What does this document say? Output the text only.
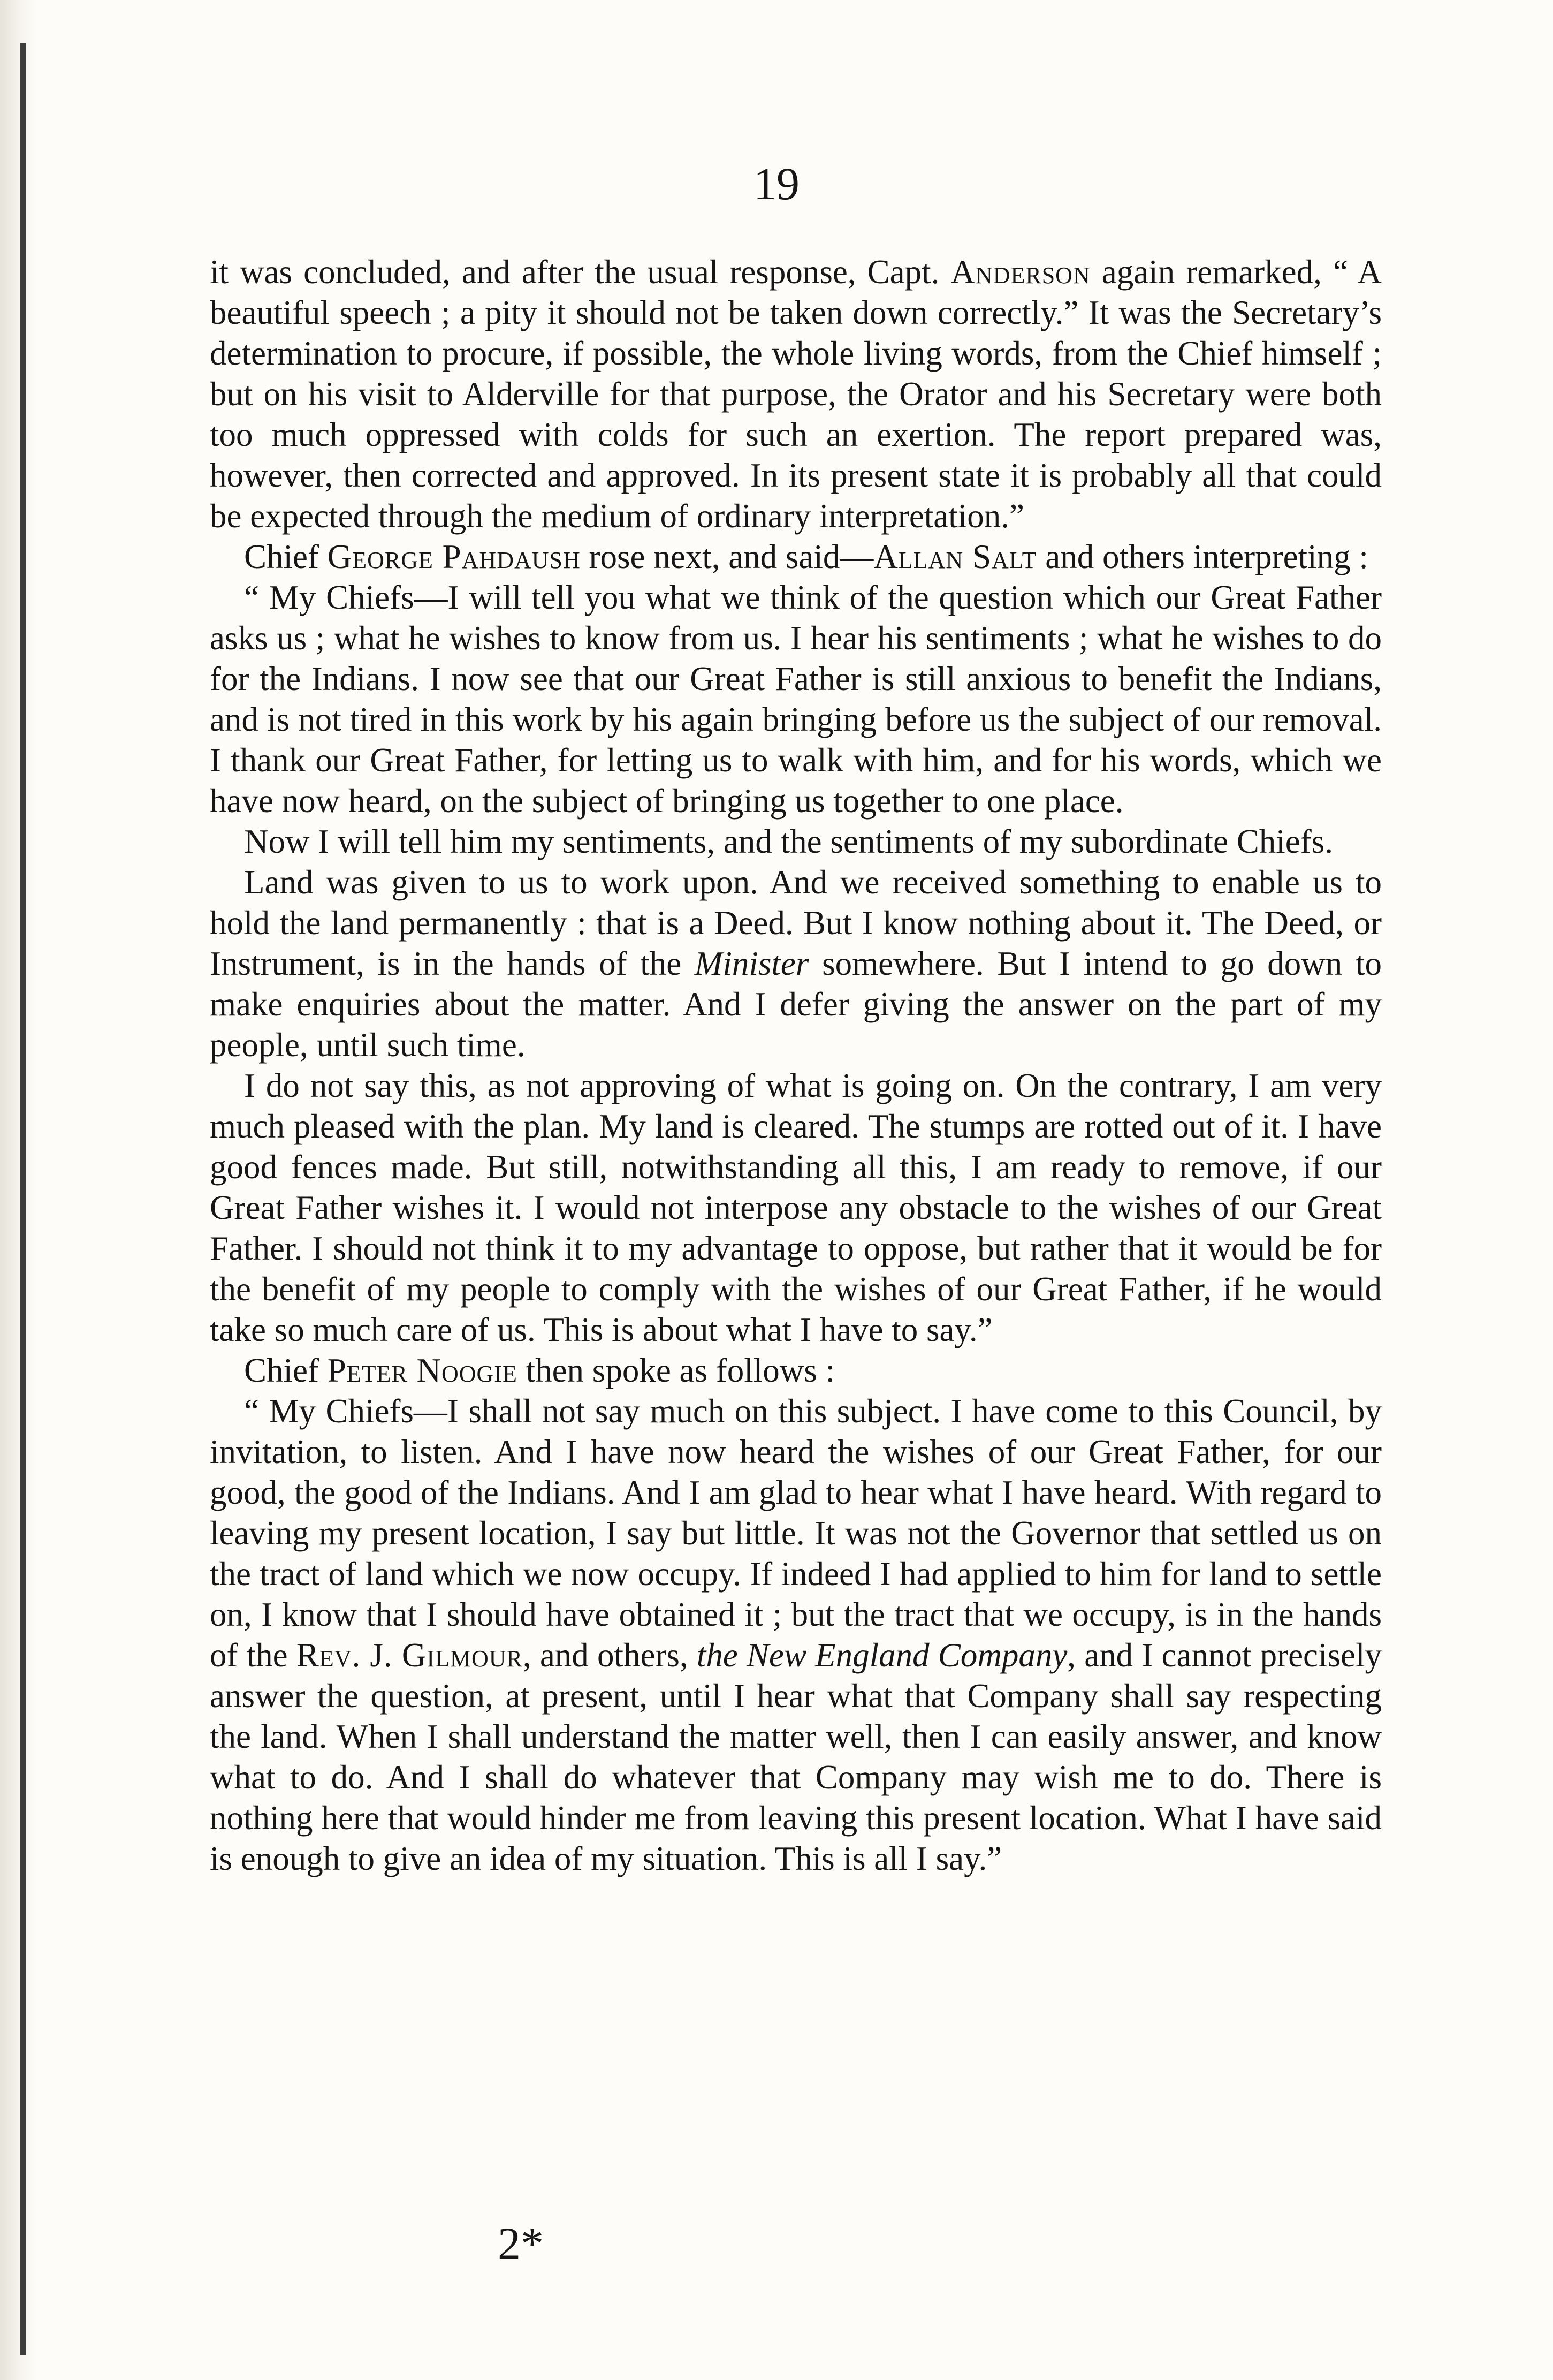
19

it was concluded, and after the usual response, Capt. Anderson again remarked, “ A beautiful speech ; a pity it should not be taken down correctly.” It was the Secretary’s determination to procure, if possible, the whole living words, from the Chief himself ; but on his visit to Alderville for that purpose, the Orator and his Secretary were both too much oppressed with colds for such an exertion. The report prepared was, however, then corrected and approved. In its present state it is probably all that could be expected through the medium of ordinary interpretation.”

Chief George Pahdaush rose next, and said—Allan Salt and others interpreting :

“ My Chiefs—I will tell you what we think of the question which our Great Father asks us ; what he wishes to know from us. I hear his sentiments ; what he wishes to do for the Indians. I now see that our Great Father is still anxious to benefit the Indians, and is not tired in this work by his again bringing before us the subject of our removal. I thank our Great Father, for letting us to walk with him, and for his words, which we have now heard, on the subject of bringing us together to one place.

Now I will tell him my sentiments, and the sentiments of my subordinate Chiefs.

Land was given to us to work upon. And we received something to enable us to hold the land permanently : that is a Deed. But I know nothing about it. The Deed, or Instrument, is in the hands of the Minister somewhere. But I intend to go down to make enquiries about the matter. And I defer giving the answer on the part of my people, until such time.

I do not say this, as not approving of what is going on. On the contrary, I am very much pleased with the plan. My land is cleared. The stumps are rotted out of it. I have good fences made. But still, notwithstanding all this, I am ready to remove, if our Great Father wishes it. I would not interpose any obstacle to the wishes of our Great Father. I should not think it to my advantage to oppose, but rather that it would be for the benefit of my people to comply with the wishes of our Great Father, if he would take so much care of us. This is about what I have to say.”

Chief Peter Noogie then spoke as follows :

“ My Chiefs—I shall not say much on this subject. I have come to this Council, by invitation, to listen. And I have now heard the wishes of our Great Father, for our good, the good of the Indians. And I am glad to hear what I have heard. With regard to leaving my present location, I say but little. It was not the Governor that settled us on the tract of land which we now occupy. If indeed I had applied to him for land to settle on, I know that I should have obtained it ; but the tract that we occupy, is in the hands of the Rev. J. Gilmour, and others, the New England Company, and I cannot precisely answer the question, at present, until I hear what that Company shall say respecting the land. When I shall understand the matter well, then I can easily answer, and know what to do. And I shall do whatever that Company may wish me to do. There is nothing here that would hinder me from leaving this present location. What I have said is enough to give an idea of my situation. This is all I say.”

2*
